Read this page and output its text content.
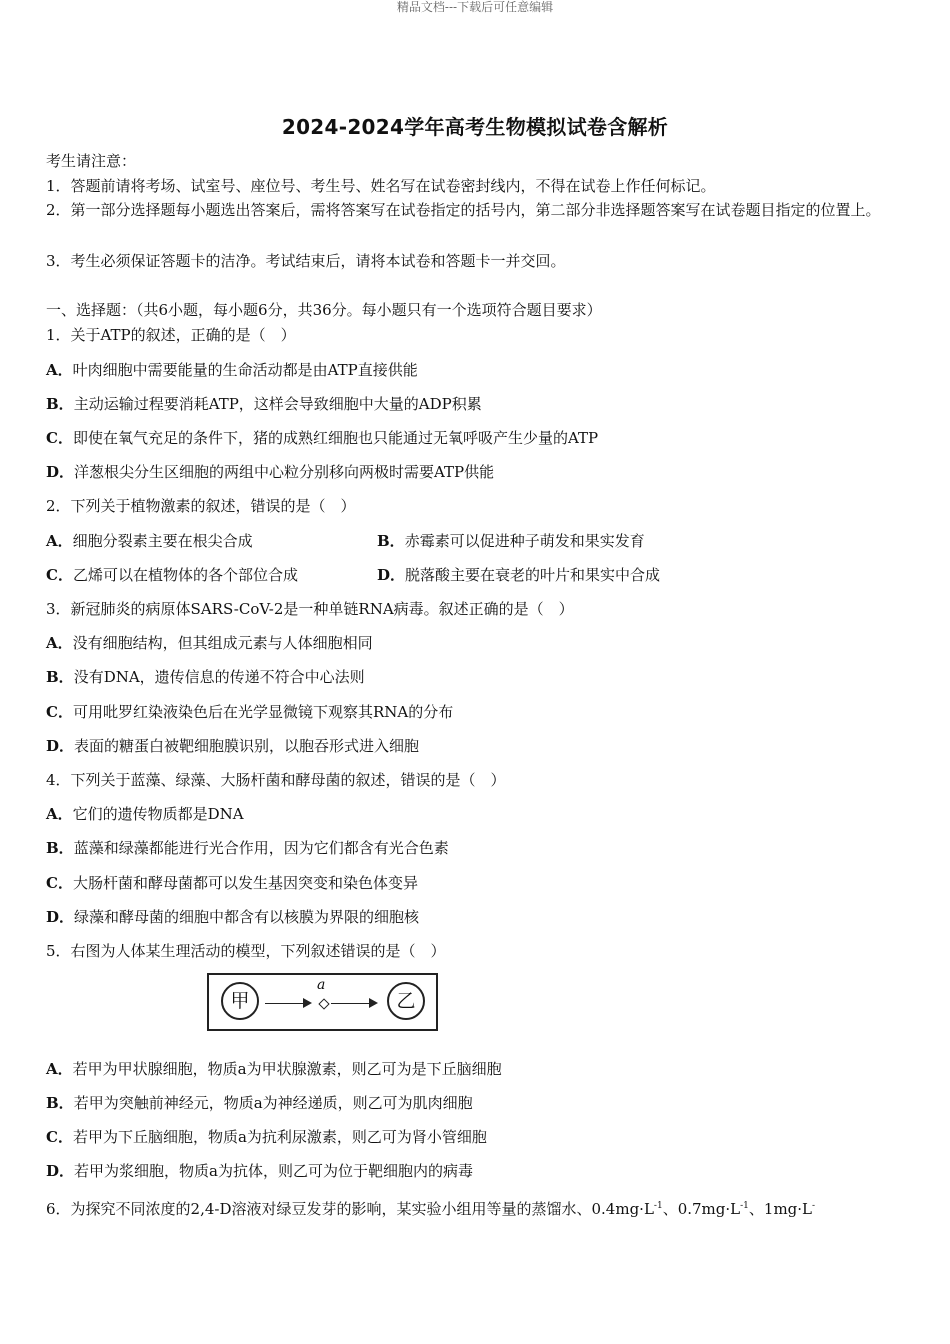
精品文档---下载后可任意编辑
2024-2024学年高考生物模拟试卷含解析
考生请注意：
1．答题前请将考场、试室号、座位号、考生号、姓名写在试卷密封线内，不得在试卷上作任何标记。
2．第一部分选择题每小题选出答案后，需将答案写在试卷指定的括号内，第二部分非选择题答案写在试卷题目指定的位置上。
3．考生必须保证答题卡的洁净。考试结束后，请将本试卷和答题卡一并交回。
一、选择题：（共6小题，每小题6分，共36分。每小题只有一个选项符合题目要求）
1．关于ATP的叙述，正确的是（　）
A．叶肉细胞中需要能量的生命活动都是由ATP直接供能
B．主动运输过程要消耗ATP，这样会导致细胞中大量的ADP积累
C．即使在氧气充足的条件下，猪的成熟红细胞也只能通过无氧呼吸产生少量的ATP
D．洋葱根尖分生区细胞的两组中心粒分别移向两极时需要ATP供能
2．下列关于植物激素的叙述，错误的是（　）
A．细胞分裂素主要在根尖合成	B．赤霉素可以促进种子萌发和果实发育
C．乙烯可以在植物体的各个部位合成	D．脱落酸主要在衰老的叶片和果实中合成
3．新冠肺炎的病原体SARS-CoV-2是一种单链RNA病毒。叙述正确的是（　）
A．没有细胞结构，但其组成元素与人体细胞相同
B．没有DNA，遗传信息的传递不符合中心法则
C．可用吡罗红染液染色后在光学显微镜下观察其RNA的分布
D．表面的糖蛋白被靶细胞膜识别，以胞吞形式进入细胞
4．下列关于蓝藻、绿藻、大肠杆菌和酵母菌的叙述，错误的是（　）
A．它们的遗传物质都是DNA
B．蓝藻和绿藻都能进行光合作用，因为它们都含有光合色素
C．大肠杆菌和酵母菌都可以发生基因突变和染色体变异
D．绿藻和酵母菌的细胞中都含有以核膜为界限的细胞核
5．右图为人体某生理活动的模型，下列叙述错误的是（　）
甲
a
乙
A．若甲为甲状腺细胞，物质a为甲状腺激素，则乙可为是下丘脑细胞
B．若甲为突触前神经元，物质a为神经递质，则乙可为肌肉细胞
C．若甲为下丘脑细胞，物质a为抗利尿激素，则乙可为肾小管细胞
D．若甲为浆细胞，物质a为抗体，则乙可为位于靶细胞内的病毒
6．为探究不同浓度的2,4-D溶液对绿豆发芽的影响，某实验小组用等量的蒸馏水、$0.4mg\cdot L^{-1}$、$0.7mg\cdot L^{-1}$、1mg·L-
